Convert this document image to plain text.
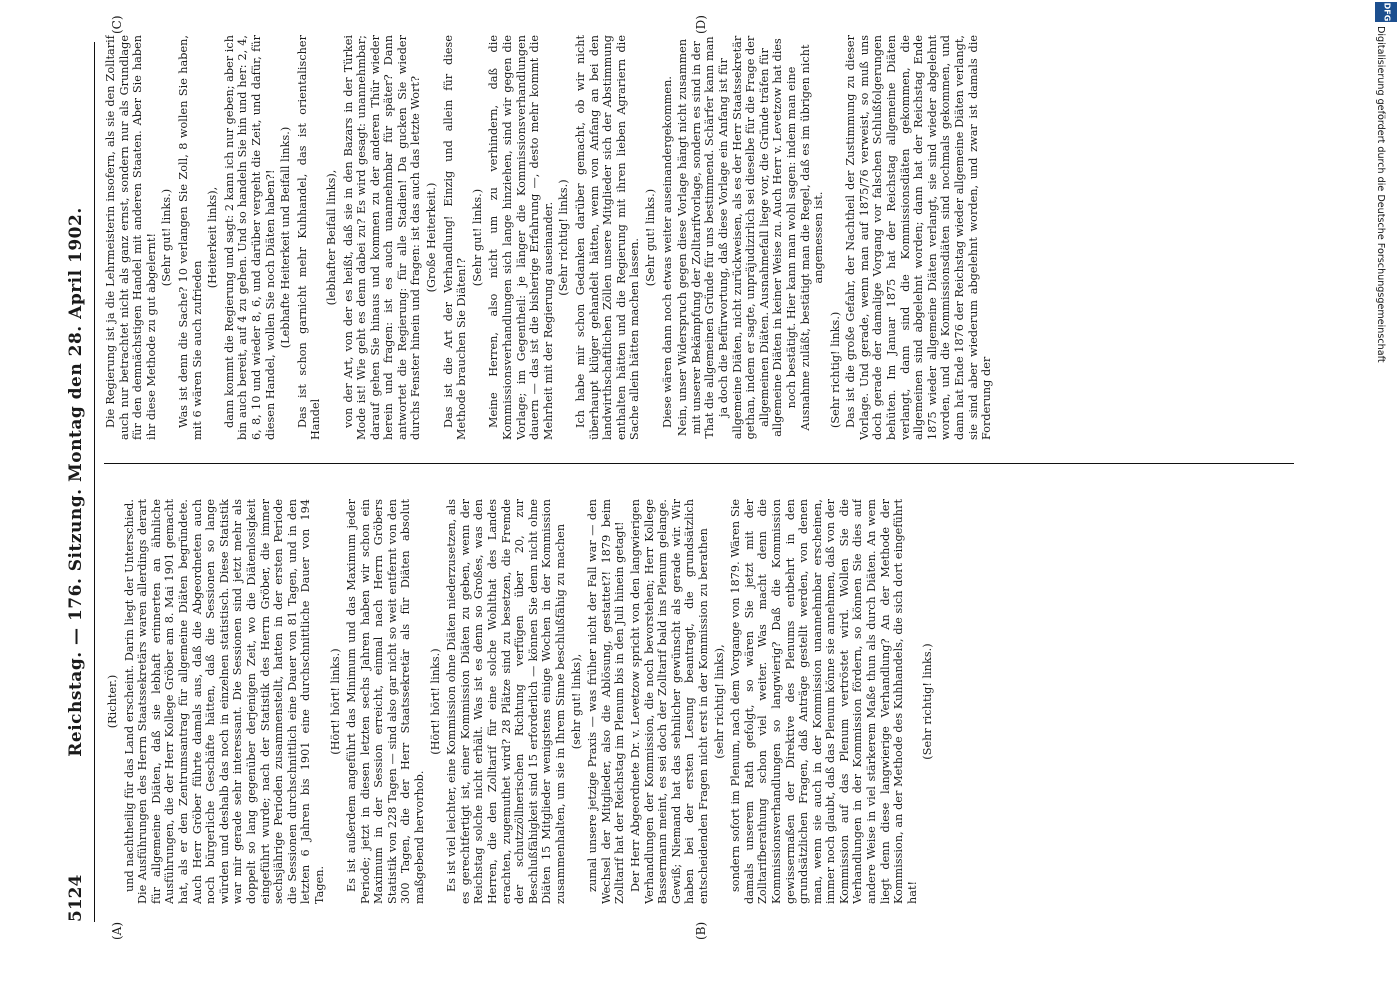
5124
Reichstag. — 176. Sitzung. Montag den 28. April 1902.
(A)	(B)
(C)	(D)

(Richter.) und nachtheilig für das Land erscheint. Darin liegt der Unterschied. Die Ausführungen des Herrn Staatssekretärs waren allerdings derart für allgemeine Diäten, daß sie lebhaft erinnerten an ähnliche Ausführungen, die der Herr Kollege Gröber am 8. Mai 1901 gemacht hat, als er den Zentrumsantrag für allgemeine Diäten begründete. Auch Herr Gröber führte damals aus, daß die Abgeordneten auch noch bürgerliche Geschäfte hätten, daß die Sessionen so lange würden und deshalb das noch in einzelnen statistisch. Diese Statistik war mir gerade sehr interessant. Die Sessionen sind jetzt mehr als doppelt so lang gegenüber derjenigen Zeit, wo die Diätenlosigkeit eingeführt wurde; nach der Statistik des Herrn Gröber, die immer sechsjährige Perioden zusammenstellt, hatten in der ersten Periode die Sessionen durchschnittlich eine Dauer von 81 Tagen, und in den letzten 6 Jahren bis 1901 eine durchschnittliche Dauer von 194 Tagen.

(Hört! hört! links.) Es ist außerdem angeführt das Minimum und das Maximum jeder Periode; jetzt in diesen letzten sechs Jahren haben wir schon ein Maximum in der Session erreicht, einmal nach Herrn Gröbers Statistik von 228 Tagen — sind also gar nicht so weit entfernt von den 300 Tagen, die der Herr Staatssekretär als für Diäten absolut maßgebend hervorhob.

(Hört! hört! links.) Es ist viel leichter, eine Kommission ohne Diäten niederzusetzen, als es gerechtfertigt ist, einer Kommission Diäten zu geben, wenn der Reichstag solche nicht erhält. Was ist es denn so Großes, was den Herren, die den Zolltarif für eine solche Wohlthat des Landes erachten, zugemuthet wird? 28 Plätze sind zu besetzen, die Fremde der schutzzöllnerischen Richtung verfügen über 20, zur Beschlußfähigkeit sind 15 erforderlich — können Sie denn nicht ohne Diäten 15 Mitglieder wenigstens einige Wochen in der Kommission zusammenhalten, um sie in Ihrem Sinne beschlußfähig zu machen (sehr gut! links), zumal unsere jetzige Praxis — was früher nicht der Fall war — den Wechsel der Mitglieder, also die Ablösung, gestattet?! 1879 beim Zolltarif hat der Reichstag im Plenum bis in den Juli hinein getagt! Der Herr Abgeordnete Dr. v. Levetzow spricht von den langwierigen Verhandlungen der Kommission, die noch bevorstehen; Herr Kollege Bassermann meint, es sei doch der Zolltarif bald ins Plenum gelange. Gewiß; Niemand hat das sehnlicher gewünscht als gerade wir. Wir haben bei der ersten Lesung beantragt, die grundsätzlich entscheidenden Fragen nicht erst in der Kommission zu berathen (sehr richtig! links), sondern sofort im Plenum, nach dem Vorgange von 1879. Wären Sie damals unserem Rath gefolgt, so wären Sie jetzt mit der Zolltarifberathung schon viel weiter. Was macht denn die Kommissionsverhandlungen so langwierig? Daß die Kommission gewissermaßen der Direktive des Plenums entbehrt in den grundsätzlichen Fragen, daß Anträge gestellt werden, von denen man, wenn sie auch in der Kommission unannehmbar erscheinen, immer noch glaubt, daß das Plenum könne sie annehmen, daß von der Kommission auf das Plenum vertröstet wird. Wollen Sie die Verhandlungen in der Kommission fördern, so können Sie dies auf andere Weise in viel stärkerem Maße thun als durch Diäten. An wem liegt denn diese langwierige Verhandlung? An der Methode der Kommission, an der Methode des Kuhhandels, die sich dort eingeführt hat!

(Sehr richtig! links.)

Die Regierung ist ja die Lehrmeisterin insofern, als sie den Zolltarif auch nur betrachtet nicht als ganz ernst, sondern nur als Grundlage für den demnächstigen Handel mit anderen Staaten. Aber Sie haben ihr diese Methode zu gut abgelernt! (Sehr gut! links.) Was ist denn die Sache? 10 verlangen Sie Zoll, 8 wollen Sie haben, mit 6 wären Sie auch zufrieden

(Heiterkeit links), dann kommt die Regierung und sagt: 2 kann ich nur geben; aber ich bin auch bereit, auf 4 zu gehen. Und so handeln Sie hin und her: 2, 4, 6, 8, 10 und wieder 8, 6, und darüber vergeht die Zeit, und dafür, für diesen Handel, wollen Sie noch Diäten haben?! (Lebhafte Heiterkeit und Beifall links.) Das ist schon garnicht mehr Kuhhandel, das ist orientalischer Handel

(lebhafter Beifall links), von der Art, von der es heißt, daß sie in den Bazars in der Türkei Mode ist! Wie geht es denn dabei zu? Es wird gesagt: unannehmbar; darauf gehen Sie hinaus und kommen zu der anderen Thür wieder herein und fragen: ist es auch unannehmbar für später? Dann antwortet die Regierung: für alle Stadien! Da gucken Sie wieder durchs Fenster hinein und fragen: ist das auch das letzte Wort? (Große Heiterkeit.) Das ist die Art der Verhandlung! Einzig und allein für diese Methode brauchen Sie Diäten!?

(Sehr gut! links.) Meine Herren, also nicht um zu verhindern, daß die Kommissionsverhandlungen sich lange hinziehen, sind wir gegen die Vorlage; im Gegentheil: je länger die Kommissionsverhandlungen dauern — das ist die bisherige Erfahrung —, desto mehr kommt die Mehrheit mit der Regierung auseinander. (Sehr richtig! links.) Ich habe mir schon Gedanken darüber gemacht, ob wir nicht überhaupt klüger gehandelt hätten, wenn von Anfang an bei den landwirthschaftlichen Zöllen unsere Mitglieder sich der Abstimmung enthalten hätten und die Regierung mit ihren lieben Agrariern die Sache allein hätten machen lassen.

(Sehr gut! links.) Diese wären dann noch etwas weiter auseinandergekommen. Nein, unser Widerspruch gegen diese Vorlage hängt nicht zusammen mit unserer Bekämpfung der Zolltarifvorlage, sondern es sind in der That die allgemeinen Gründe für uns bestimmend. Schärfer kann man ja doch die Befürwortung, daß diese Vorlage ein Anfang ist für allgemeine Diäten, nicht zurückweisen, als es der Herr Staatssekretär gethan, indem er sagte, unpräjudizirlich sei dieselbe für die Frage der allgemeinen Diäten. Ausnahmefall liege vor, die Gründe träfen für allgemeine Diäten in keiner Weise zu. Auch Herr v. Levetzow hat dies noch bestätigt. Hier kann man wohl sagen: indem man eine Ausnahme zuläßt, bestätigt man die Regel, daß es im übrigen nicht angemessen ist.

(Sehr richtig! links.) Das ist die große Gefahr, der Nachtheil der Zustimmung zu dieser Vorlage. Und gerade, wenn man auf 1875/76 verweist, so muß uns doch gerade der damalige Vorgang vor falschen Schlußfolgerungen behüten. Im Januar 1875 hat der Reichstag allgemeine Diäten verlangt, dann sind die Kommissionsdiäten gekommen, die allgemeinen sind abgelehnt worden; dann hat der Reichstag Ende 1875 wieder allgemeine Diäten verlangt, sie sind wieder abgelehnt worden, und die Kommissionsdiäten sind nochmals gekommen, und dann hat Ende 1876 der Reichstag wieder allgemeine Diäten verlangt, sie sind aber wiederum abgelehnt worden, und zwar ist damals die Forderung der

DFG
Digitalisierung gefördert durch die Deutsche Forschungsgemeinschaft
